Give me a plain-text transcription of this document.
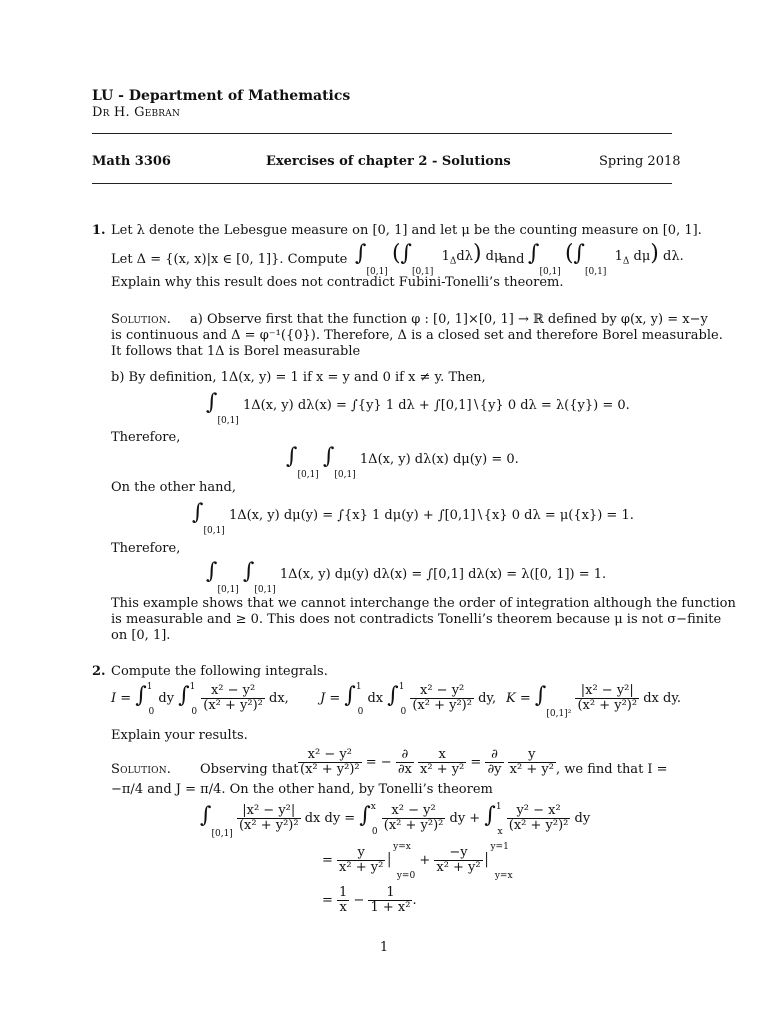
LU - Department of Mathematics
Dr H. Gebran
Math 3306	Exercises of chapter 2 - Solutions	Spring 2018
1. Let λ denote the Lebesgue measure on [0, 1] and let μ be the counting measure on [0, 1].
Let Δ = {(x, x)|x ∈ [0, 1]}. Compute $\int_{[0,1]}$ ($\int_{[0,1]}$  $1_\Delta d\lambda$) dμ
and $\int_{[0,1]}$ ($\int_{[0,1]}$  $1_\Delta$ dμ) dλ.
Explain why this result does not contradict Fubini-Tonelli’s theorem.
Solution. a) Observe first that the function φ : [0, 1]×[0, 1] → ℝ defined by φ(x, y) = x−y
is continuous and Δ = φ⁻¹({0}). Therefore, Δ is a closed set and therefore Borel measurable.
It follows that 1Δ is Borel measurable
b) By definition, 1Δ(x, y) = 1 if x = y and 0 if x ≠ y. Then,
$\int_{[0,1]}$ 1Δ(x, y) dλ(x) = ∫{y} 1 dλ + ∫[0,1]∖{y} 0 dλ = λ({y}) = 0.
Therefore,
$\int_{[0,1]}$ $\int_{[0,1]}$ 1Δ(x, y) dλ(x) dμ(y) = 0.
On the other hand,
$\int_{[0,1]}$ 1Δ(x, y) dμ(y) = ∫{x} 1 dμ(y) + ∫[0,1]∖{x} 0 dλ = μ({x}) = 1.
Therefore,
$\int_{[0,1]}$ $\int_{[0,1]}$ 1Δ(x, y) dμ(y) dλ(x) = ∫[0,1] dλ(x) = λ([0, 1]) = 1.
This example shows that we cannot interchange the order of integration although the function
is measurable and ≥ 0. This does not contradicts Tonelli’s theorem because μ is not σ−finite
on [0, 1].
2. Compute the following integrals.
I = ∫$^1_0$ dy $\int^1_0 \frac{\text{x² − y²}}{\text{(x² + y²)²}}$ dx, J = ∫$^1_0$ dx $\int^1_0 \frac{\text{x² − y²}}{\text{(x² + y²)²}}$ dy, $K = \int_{[0,1]^2}$
$\frac{\text{|x² − y²|}}{\text{(x² + y²)²}}$ dx dy.
Explain your results.
Solution. Observing that $\frac{\text{x² − y²}}{\text{(x² + y²)²}}$ = − $\frac{\partial}{\partial x}$
$\frac{x}{\text{x² + y²}} = \frac{\partial}{\partial y}$
$\frac{y}{\text{x² + y²}}$ , we find that I =
−π/4 and J = π/4. On the other hand, by Tonelli’s theorem
$\int_{[0,1]}$
$\frac{\text{|x² − y²|}}{\text{(x² + y²)²}}$ dx dy = $\int^x_0 \frac{\text{x² − y²}}{\text{(x² + y²)²}}$ dy + $\int^1_x \frac{\text{y² − x²}}{\text{(x² + y²)²}}$ dy
= $\frac{y}{\text{x² + y²}}$ │$^{y=x}_{y=0}$ + $\frac{-y}{\text{x² + y²}}$ │$^{y=1}_{y=x}$
= $\frac{1}{x} - \frac{1}{\text{1 + x²}}$ .
1
